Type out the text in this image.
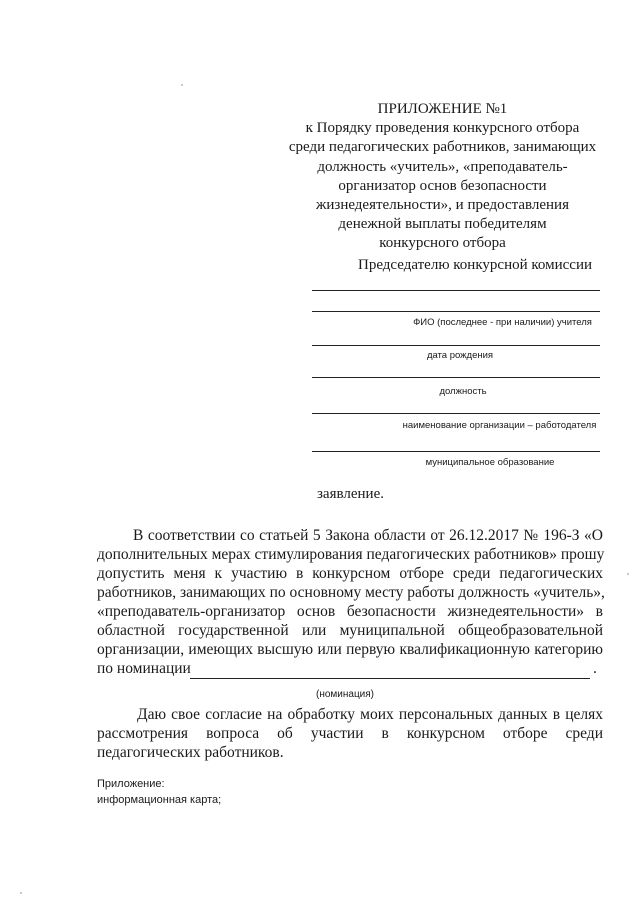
ПРИЛОЖЕНИЕ №1
к Порядку проведения конкурсного отбора
среди педагогических работников, занимающих
должность «учитель», «преподаватель-
организатор основ безопасности
жизнедеятельности», и предоставления
денежной выплаты победителям
конкурсного отбора
Председателю конкурсной комиссии
ФИО (последнее - при наличии) учителя
дата рождения
должность
наименование организации – работодателя
муниципальное образование
заявление.
В соответствии со статьей 5 Закона области от 26.12.2017 № 196-З «О
дополнительных мерах стимулирования педагогических работников» прошу
допустить меня к участию в конкурсном отборе среди педагогических
работников, занимающих по основному месту работы должность «учитель»,
«преподаватель-организатор основ безопасности жизнедеятельности» в
областной государственной или муниципальной общеобразовательной
организации, имеющих высшую или первую квалификационную категорию
по номинации	.
(номинация)
Даю свое согласие на обработку моих персональных данных в целях
рассмотрения вопроса об участии в конкурсном отборе среди
педагогических работников.
Приложение:
информационная карта;
